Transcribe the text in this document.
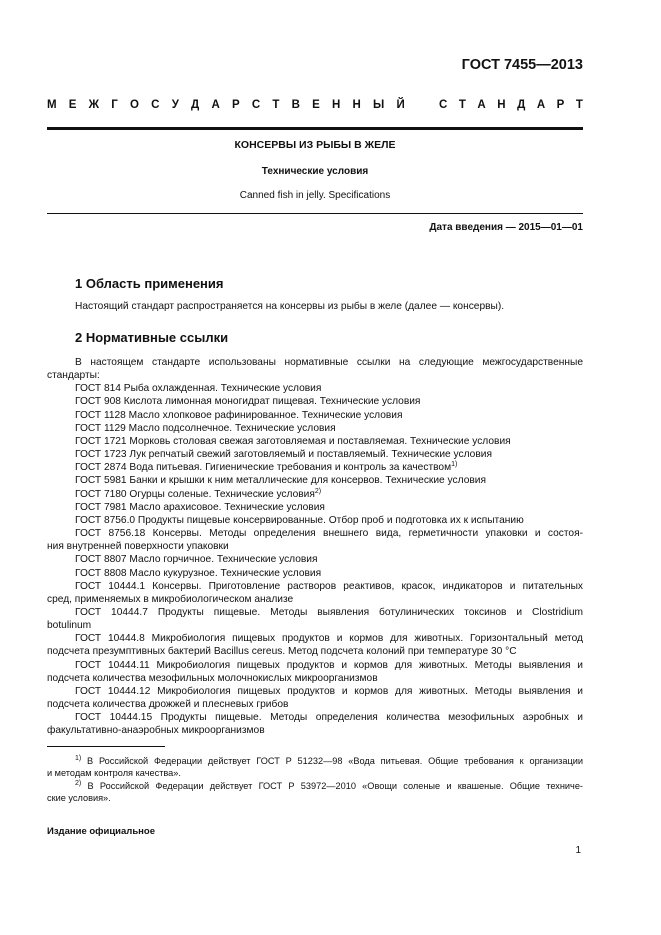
ГОСТ 7455—2013
М Е Ж Г О С У Д А Р С Т В Е Н Н Ы Й	С Т А Н Д А Р Т
КОНСЕРВЫ ИЗ РЫБЫ В ЖЕЛЕ
Технические условия
Canned fish in jelly. Specifications
Дата введения — 2015—01—01
1 Область применения
Настоящий стандарт распространяется на консервы из рыбы в желе (далее — консервы).
2 Нормативные ссылки
В настоящем стандарте использованы нормативные ссылки на следующие межгосударственные
стандарты:
ГОСТ 814 Рыба охлажденная. Технические условия
ГОСТ 908 Кислота лимонная моногидрат пищевая. Технические условия
ГОСТ 1128 Масло хлопковое рафинированное. Технические условия
ГОСТ 1129 Масло подсолнечное. Технические условия
ГОСТ 1721 Морковь столовая свежая заготовляемая и поставляемая. Технические условия
ГОСТ 1723 Лук репчатый свежий заготовляемый и поставляемый. Технические условия
ГОСТ 2874 Вода питьевая. Гигиенические требования и контроль за качеством$^{1)}$
ГОСТ 5981 Банки и крышки к ним металлические для консервов. Технические условия
ГОСТ 7180 Огурцы соленые. Технические условия$^{2)}$
ГОСТ 7981 Масло арахисовое. Технические условия
ГОСТ 8756.0 Продукты пищевые консервированные. Отбор проб и подготовка их к испытанию
ГОСТ 8756.18 Консервы. Методы определения внешнего вида, герметичности упаковки и состоя-
ния внутренней поверхности упаковки
ГОСТ 8807 Масло горчичное. Технические условия
ГОСТ 8808 Масло кукурузное. Технические условия
ГОСТ 10444.1 Консервы. Приготовление растворов реактивов, красок, индикаторов и питательных
сред, применяемых в микробиологическом анализе
ГОСТ 10444.7 Продукты пищевые. Методы выявления ботулинических токсинов и Clostridium
botulinum
ГОСТ 10444.8 Микробиология пищевых продуктов и кормов для животных. Горизонтальный метод
подсчета презумптивных бактерий Bacillus cereus. Метод подсчета колоний при температуре 30 °С
ГОСТ 10444.11 Микробиология пищевых продуктов и кормов для животных. Методы выявления и
подсчета количества мезофильных молочнокислых микроорганизмов
ГОСТ 10444.12 Микробиология пищевых продуктов и кормов для животных. Методы выявления и
подсчета количества дрожжей и плесневых грибов
ГОСТ 10444.15 Продукты пищевые. Методы определения количества мезофильных аэробных и
факультативно-анаэробных микроорганизмов
$^{1)}$ В Российской Федерации действует ГОСТ Р 51232—98 «Вода питьевая. Общие требования к организации
и методам контроля качества».
$^{2)}$ В Российской Федерации действует ГОСТ Р 53972—2010 «Овощи соленые и квашеные. Общие техниче-
ские условия».
Издание официальное
1
